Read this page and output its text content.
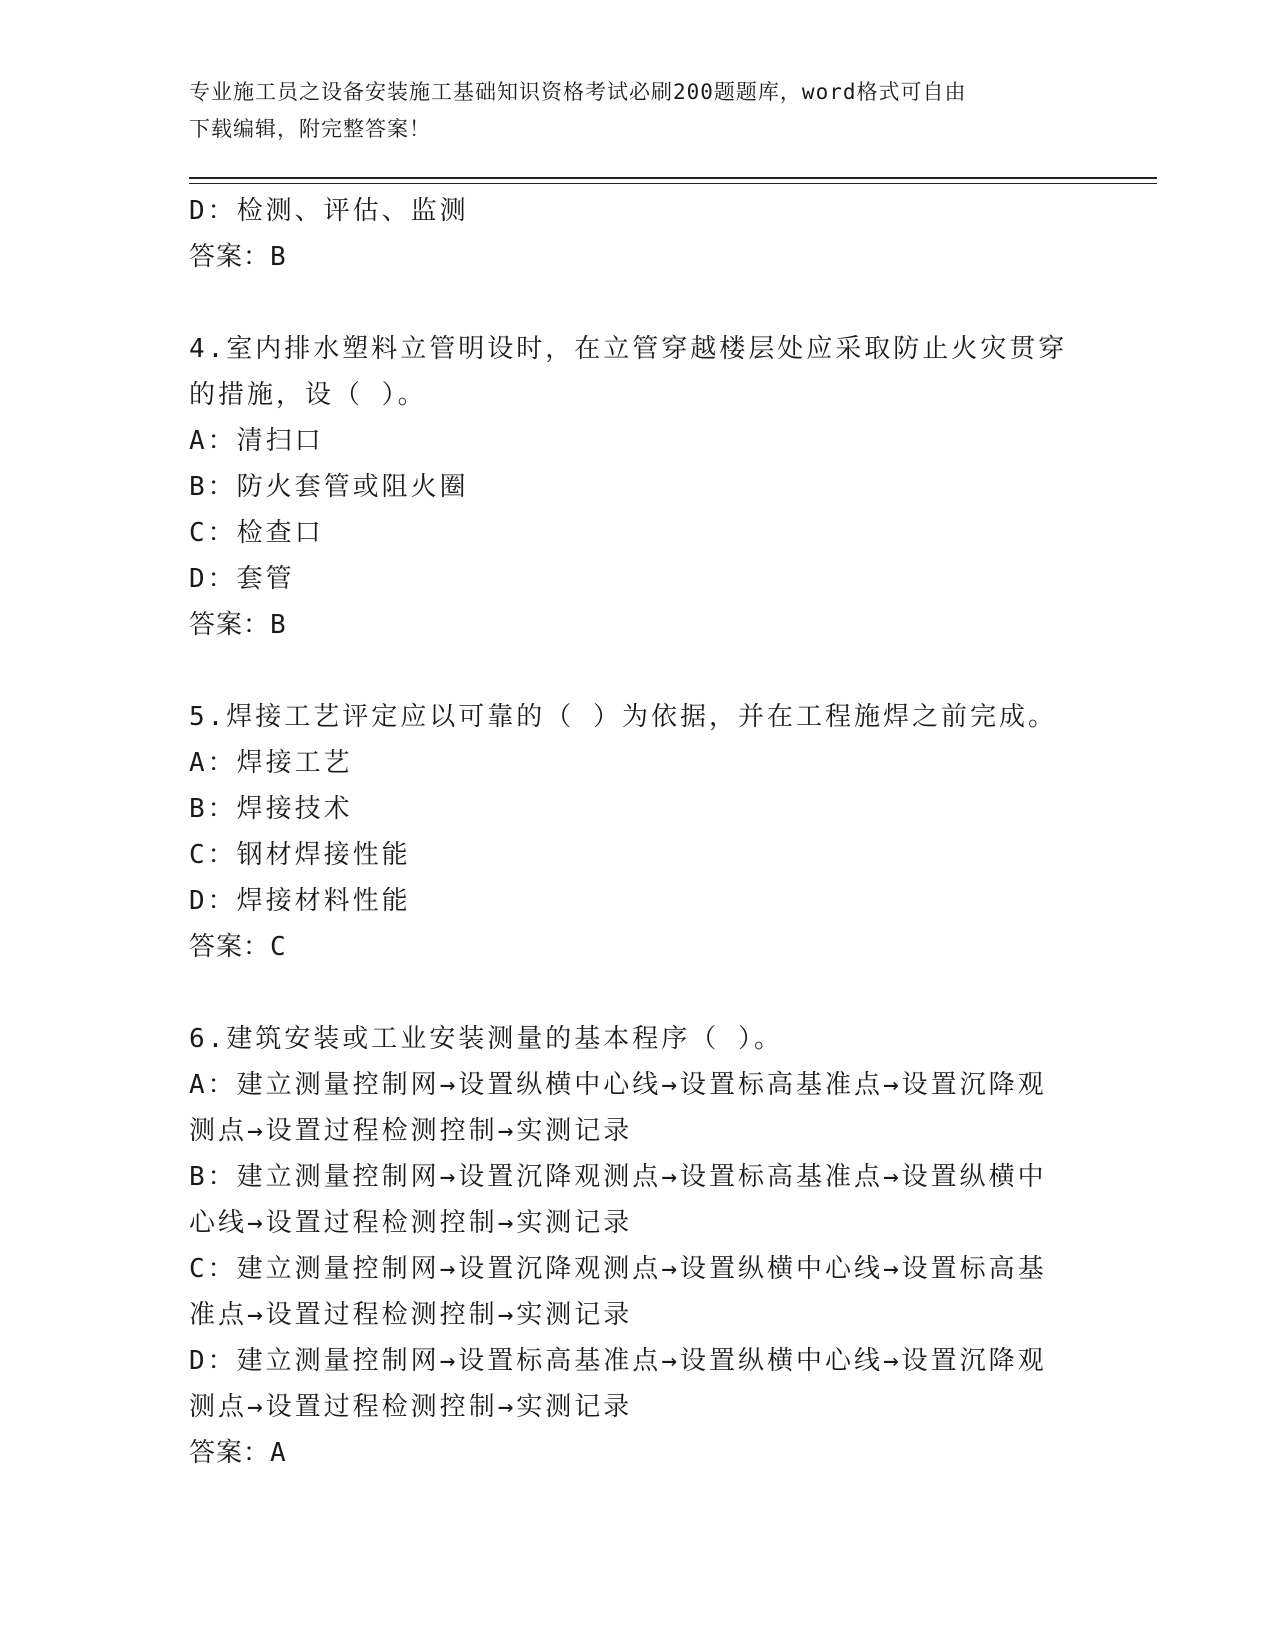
专业施工员之设备安装施工基础知识资格考试必刷200题题库，word格式可自由
下载编辑，附完整答案！
D：检测、评估、监测
答案：B
4.室内排水塑料立管明设时，在立管穿越楼层处应采取防止火灾贯穿
的措施，设（ ）。
A：清扫口
B：防火套管或阻火圈
C：检查口
D：套管
答案：B
5.焊接工艺评定应以可靠的（ ）为依据，并在工程施焊之前完成。
A：焊接工艺
B：焊接技术
C：钢材焊接性能
D：焊接材料性能
答案：C
6.建筑安装或工业安装测量的基本程序（ ）。
A：建立测量控制网→设置纵横中心线→设置标高基准点→设置沉降观
测点→设置过程检测控制→实测记录
B：建立测量控制网→设置沉降观测点→设置标高基准点→设置纵横中
心线→设置过程检测控制→实测记录
C：建立测量控制网→设置沉降观测点→设置纵横中心线→设置标高基
准点→设置过程检测控制→实测记录
D：建立测量控制网→设置标高基准点→设置纵横中心线→设置沉降观
测点→设置过程检测控制→实测记录
答案：A
